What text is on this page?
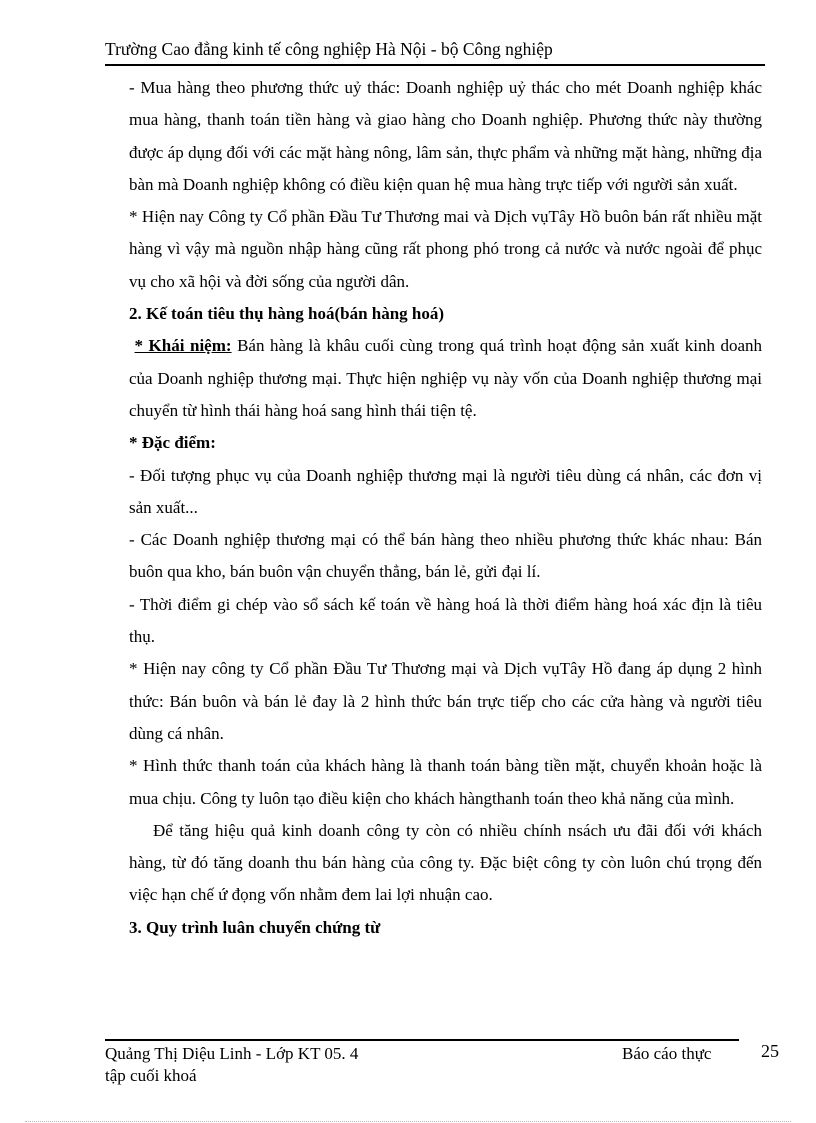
Trường Cao đẳng kinh tế công nghiệp Hà Nội - bộ Công nghiệp

- Mua hàng theo phương thức uỷ thác: Doanh nghiệp uỷ thác cho mét Doanh nghiệp khác mua hàng, thanh toán tiền hàng và giao hàng cho Doanh nghiệp. Phương thức này thường được áp dụng đối với các mặt hàng nông, lâm sản, thực phẩm và những mặt hàng, những địa bàn mà Doanh nghiệp không có điều kiện quan hệ mua hàng trực tiếp với người sản xuất.

* Hiện nay Công ty Cổ phần Đầu Tư Thương mai và Dịch vụTây Hồ buôn bán rất nhiều mặt hàng vì vậy mà nguồn nhập hàng cũng rất phong phó trong cả nước và nước ngoài để phục vụ cho xã hội và đời sống của người dân.

2. Kế toán tiêu thụ hàng hoá(bán hàng hoá)

* Khái niệm: Bán hàng là khâu cuối cùng trong quá trình hoạt động sản xuất kinh doanh của Doanh nghiệp thương mại. Thực hiện nghiệp vụ này vốn của Doanh nghiệp thương mại chuyển từ hình thái hàng hoá sang hình thái tiện tệ.

* Đặc điểm:

- Đối tượng phục vụ của Doanh nghiệp thương mại là người tiêu dùng cá nhân, các đơn vị sản xuất...

- Các Doanh nghiệp thương mại có thể bán hàng theo nhiều phương thức khác nhau: Bán buôn qua kho, bán buôn vận chuyển thẳng, bán lẻ, gửi đại lí.

- Thời điểm gi chép vào sổ sách kế toán về hàng hoá là thời điểm hàng hoá xác địn là tiêu thụ.

* Hiện nay công ty Cổ phần Đầu Tư Thương mại và Dịch vụTây Hồ đang áp dụng 2 hình thức: Bán buôn và bán lẻ đay là 2 hình thức bán trực tiếp cho các cửa hàng và người tiêu dùng cá nhân.

* Hình thức thanh toán của khách hàng là thanh toán bàng tiền mặt, chuyển khoản hoặc là mua chịu. Công ty luôn tạo điều kiện cho khách hàngthanh toán theo khả năng của mình.

Để tăng hiệu quả kinh doanh công ty còn có nhiều chính nsách ưu đãi đối với khách hàng, từ đó tăng doanh thu bán hàng của công ty. Đặc biệt công ty còn luôn chú trọng đến việc hạn chế ứ đọng vốn nhằm đem lai lợi nhuận cao.

3. Quy trình luân chuyển chứng từ

Quảng Thị Diệu Linh - Lớp KT 05. 4	Báo cáo thực
tập cuối khoá
25
